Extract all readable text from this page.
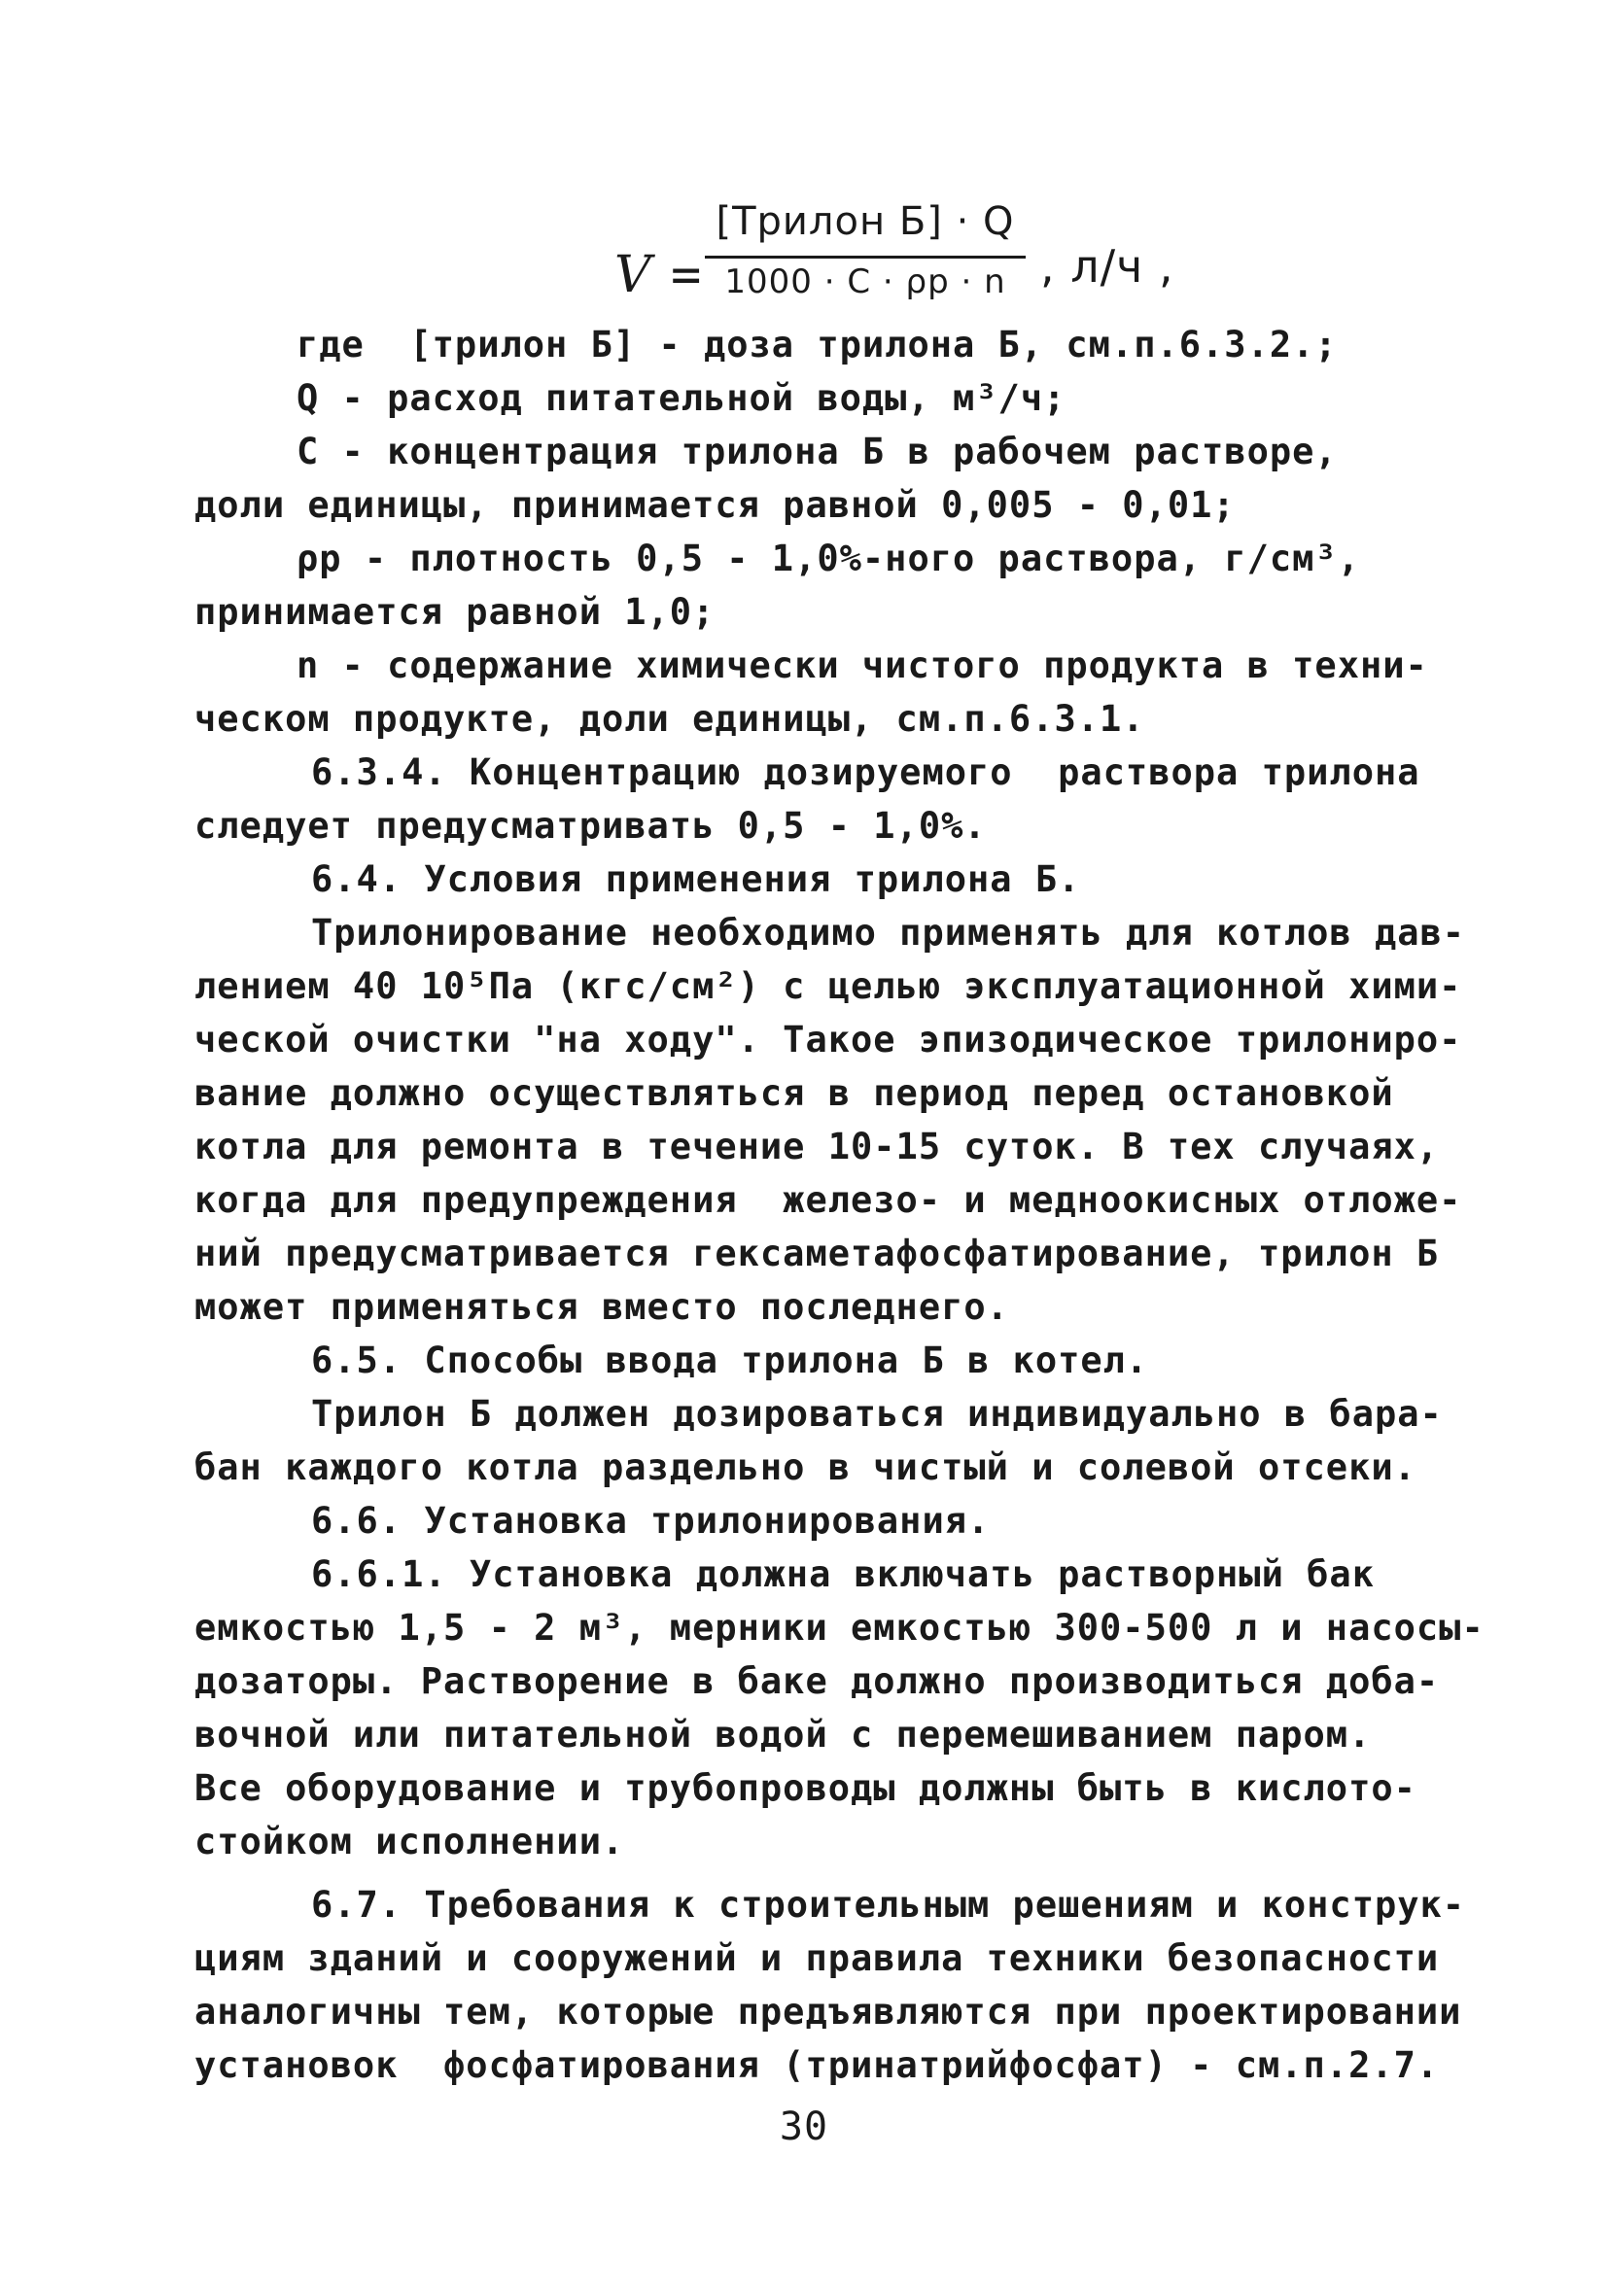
V =
[Трилон Б] · Q
1000 · C · ρр · n , л/ч ,
где  [трилон Б] - доза трилона Б, см.п.6.3.2.;
Q - расход питательной воды, м³/ч;
С - концентрация трилона Б в рабочем растворе,
доли единицы, принимается равной 0,005 - 0,01;
ρр - плотность 0,5 - 1,0%-ного раствора, г/см³,
принимается равной 1,0;
n - содержание химически чистого продукта в техни-
ческом продукте, доли единицы, см.п.6.3.1.
6.3.4. Концентрацию дозируемого  раствора трилона
следует предусматривать 0,5 - 1,0%.
6.4. Условия применения трилона Б.
Трилонирование необходимо применять для котлов дав-
лением 40 10⁵Па (кгс/см²) с целью эксплуатационной хими-
ческой очистки "на ходу". Такое эпизодическое трилониро-
вание должно осуществляться в период перед остановкой
котла для ремонта в течение 10-15 суток. В тех случаях,
когда для предупреждения  железо- и медноокисных отложе-
ний предусматривается гексаметафосфатирование, трилон Б
может применяться вместо последнего.
6.5. Способы ввода трилона Б в котел.
Трилон Б должен дозироваться индивидуально в бара-
бан каждого котла раздельно в чистый и солевой отсеки.
6.6. Установка трилонирования.
6.6.1. Установка должна включать растворный бак
емкостью 1,5 - 2 м³, мерники емкостью 300-500 л и насосы-
дозаторы. Растворение в баке должно производиться доба-
вочной или питательной водой с перемешиванием паром.
Все оборудование и трубопроводы должны быть в кислото-
стойком исполнении.
6.7. Требования к строительным решениям и конструк-
циям зданий и сооружений и правила техники безопасности
аналогичны тем, которые предъявляются при проектировании
установок  фосфатирования (тринатрийфосфат) - см.п.2.7.
30
